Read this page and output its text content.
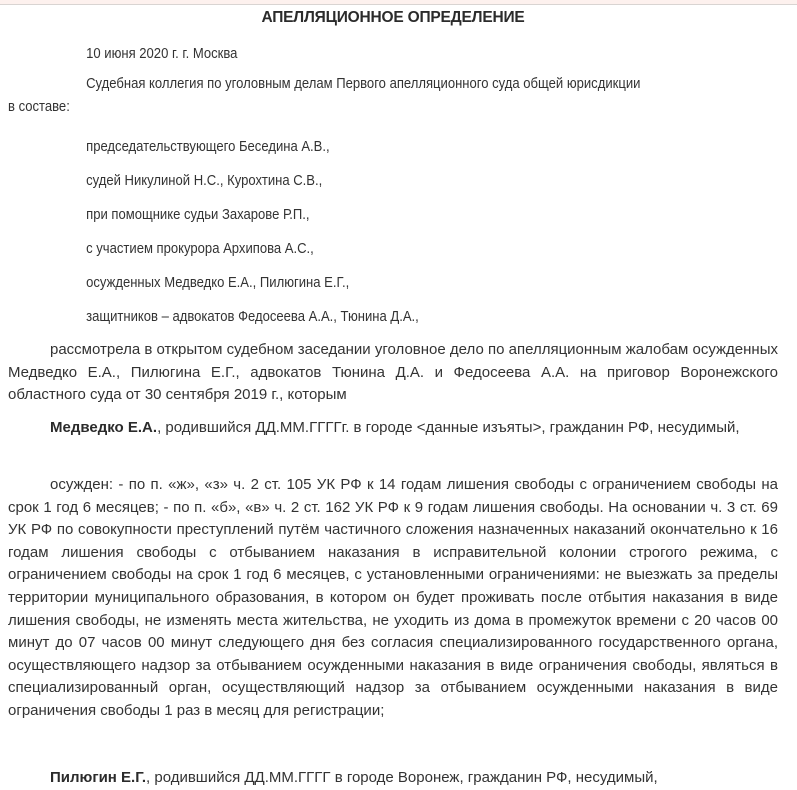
АПЕЛЛЯЦИОННОЕ ОПРЕДЕЛЕНИЕ
10 июня 2020 г. г. Москва
Судебная коллегия по уголовным делам Первого апелляционного суда общей юрисдикции
в составе:
председательствующего Беседина А.В.,
судей Никулиной Н.С., Курохтина С.В.,
при помощнике судьи Захарове Р.П.,
с участием прокурора Архипова А.С.,
осужденных Медведко Е.А., Пилюгина Е.Г.,
защитников – адвокатов Федосеева А.А., Тюнина Д.А.,
рассмотрела в открытом судебном заседании уголовное дело по апелляционным жалобам осужденных Медведко Е.А., Пилюгина Е.Г., адвокатов Тюнина Д.А. и Федосеева А.А. на приговор Воронежского областного суда от 30 сентября 2019 г., которым
Медведко Е.А., родившийся ДД.ММ.ГГГГг. в городе <данные изъяты>, гражданин РФ, несудимый,
осужден: - по п. «ж», «з» ч. 2 ст. 105 УК РФ к 14 годам лишения свободы с ограничением свободы на срок 1 год 6 месяцев; - по п. «б», «в» ч. 2 ст. 162 УК РФ к 9 годам лишения свободы. На основании ч. 3 ст. 69 УК РФ по совокупности преступлений путём частичного сложения назначенных наказаний окончательно к 16 годам лишения свободы с отбыванием наказания в исправительной колонии строгого режима, с ограничением свободы на срок 1 год 6 месяцев, с установленными ограничениями: не выезжать за пределы территории муниципального образования, в котором он будет проживать после отбытия наказания в виде лишения свободы, не изменять места жительства, не уходить из дома в промежуток времени с 20 часов 00 минут до 07 часов 00 минут следующего дня без согласия специализированного государственного органа, осуществляющего надзор за отбыванием осужденными наказания в виде ограничения свободы, являться в специализированный орган, осуществляющий надзор за отбыванием осужденными наказания в виде ограничения свободы 1 раз в месяц для регистрации;
Пилюгин Е.Г., родившийся ДД.ММ.ГГГГ в городе Воронеж, гражданин РФ, несудимый,
